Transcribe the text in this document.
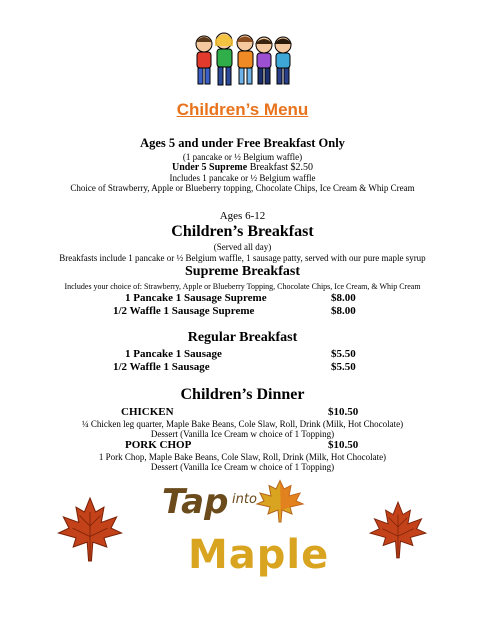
Children’s Menu
Ages 5 and under Free Breakfast Only
(1 pancake or ½ Belgium waffle)
Under 5 Supreme Breakfast $2.50
Includes 1 pancake or ½ Belgium waffle
Choice of Strawberry, Apple or Blueberry topping, Chocolate Chips, Ice Cream & Whip Cream
Ages 6-12
Children’s Breakfast
(Served all day)
Breakfasts include 1 pancake or ½ Belgium waffle, 1 sausage patty, served with our pure maple syrup
Supreme Breakfast
Includes your choice of: Strawberry, Apple or Blueberry Topping, Chocolate Chips, Ice Cream, & Whip Cream
1 Pancake 1 Sausage Supreme	$8.00
1/2 Waffle 1 Sausage Supreme	$8.00
Regular Breakfast
1 Pancake 1 Sausage	$5.50
1/2 Waffle 1 Sausage	$5.50
Children’s Dinner
CHICKEN	$10.50
¼ Chicken leg quarter, Maple Bake Beans, Cole Slaw, Roll, Drink (Milk, Hot Chocolate)
Dessert (Vanilla Ice Cream w choice of 1 Topping)
PORK CHOP	$10.50
1 Pork Chop, Maple Bake Beans, Cole Slaw, Roll, Drink (Milk, Hot Chocolate)
Dessert (Vanilla Ice Cream w choice of 1 Topping)
Tap into
Maple
